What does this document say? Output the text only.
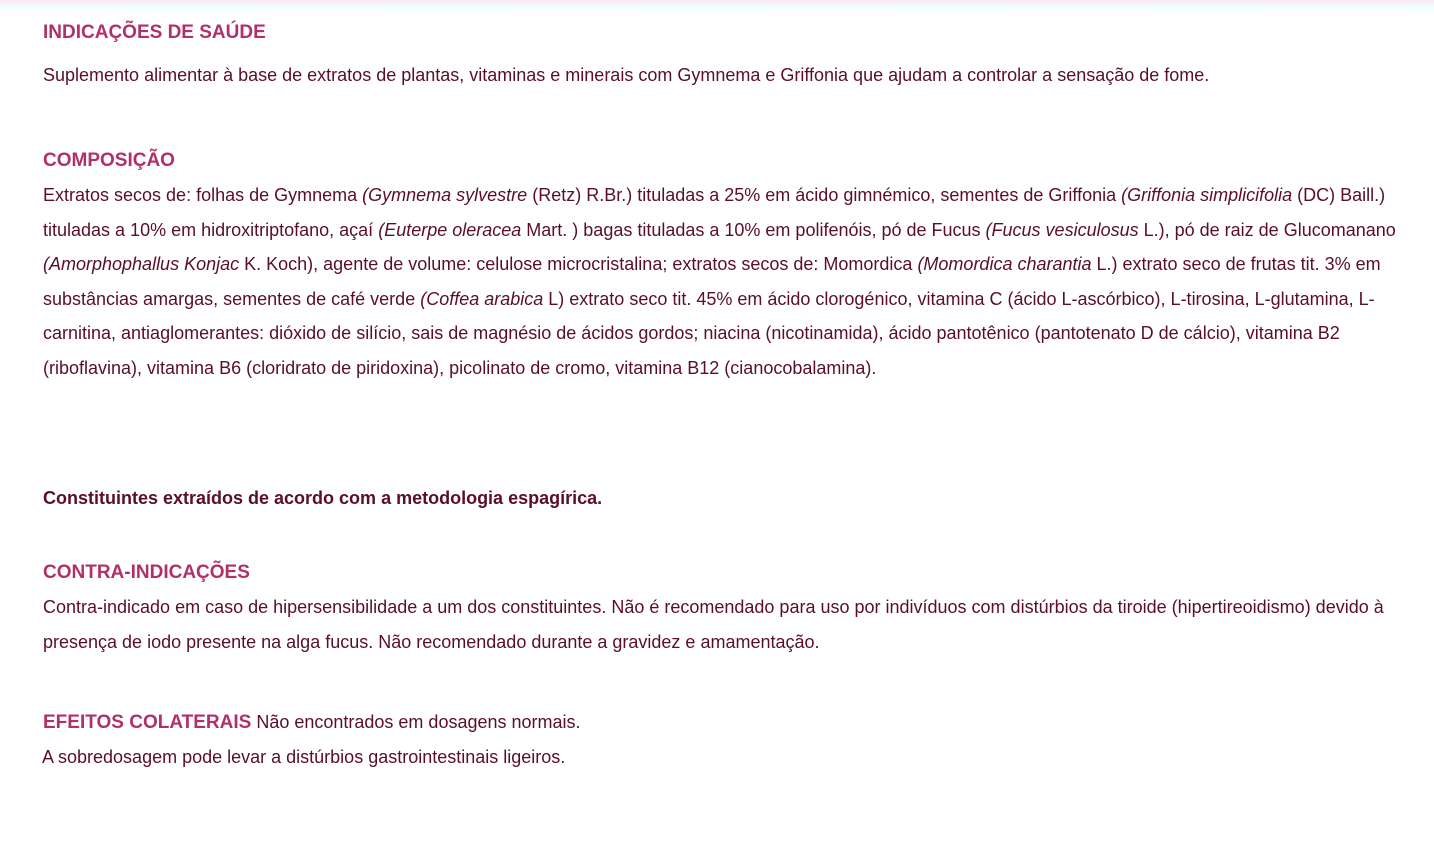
INDICAÇÕES DE SAÚDE
Suplemento alimentar à base de extratos de plantas, vitaminas e minerais com Gymnema e Griffonia que ajudam a controlar a sensação de fome.
COMPOSIÇÃO
Extratos secos de: folhas de Gymnema (Gymnema sylvestre (Retz) R.Br.) tituladas a 25% em ácido gimnémico, sementes de Griffonia (Griffonia simplicifolia (DC) Baill.) tituladas a 10% em hidroxitriptofano, açaí (Euterpe oleracea Mart. ) bagas tituladas a 10% em polifenóis, pó de Fucus (Fucus vesiculosus L.), pó de raiz de Glucomanano (Amorphophallus Konjac K. Koch), agente de volume: celulose microcristalina; extratos secos de: Momordica (Momordica charantia L.) extrato seco de frutas tit. 3% em substâncias amargas, sementes de café verde (Coffea arabica L) extrato seco tit. 45% em ácido clorogénico, vitamina C (ácido L-ascórbico), L-tirosina, L-glutamina, L-carnitina, antiaglomerantes: dióxido de silício, sais de magnésio de ácidos gordos; niacina (nicotinamida), ácido pantotênico (pantotenato D de cálcio), vitamina B2 (riboflavina), vitamina B6 (cloridrato de piridoxina), picolinato de cromo, vitamina B12 (cianocobalamina).
Constituintes extraídos de acordo com a metodologia espagírica.
CONTRA-INDICAÇÕES
Contra-indicado em caso de hipersensibilidade a um dos constituintes. Não é recomendado para uso por indivíduos com distúrbios da tiroide (hipertireoidismo) devido à presença de iodo presente na alga fucus. Não recomendado durante a gravidez e amamentação.
EFEITOS COLATERAIS Não encontrados em dosagens normais.
A sobredosagem pode levar a distúrbios gastrointestinais ligeiros.
